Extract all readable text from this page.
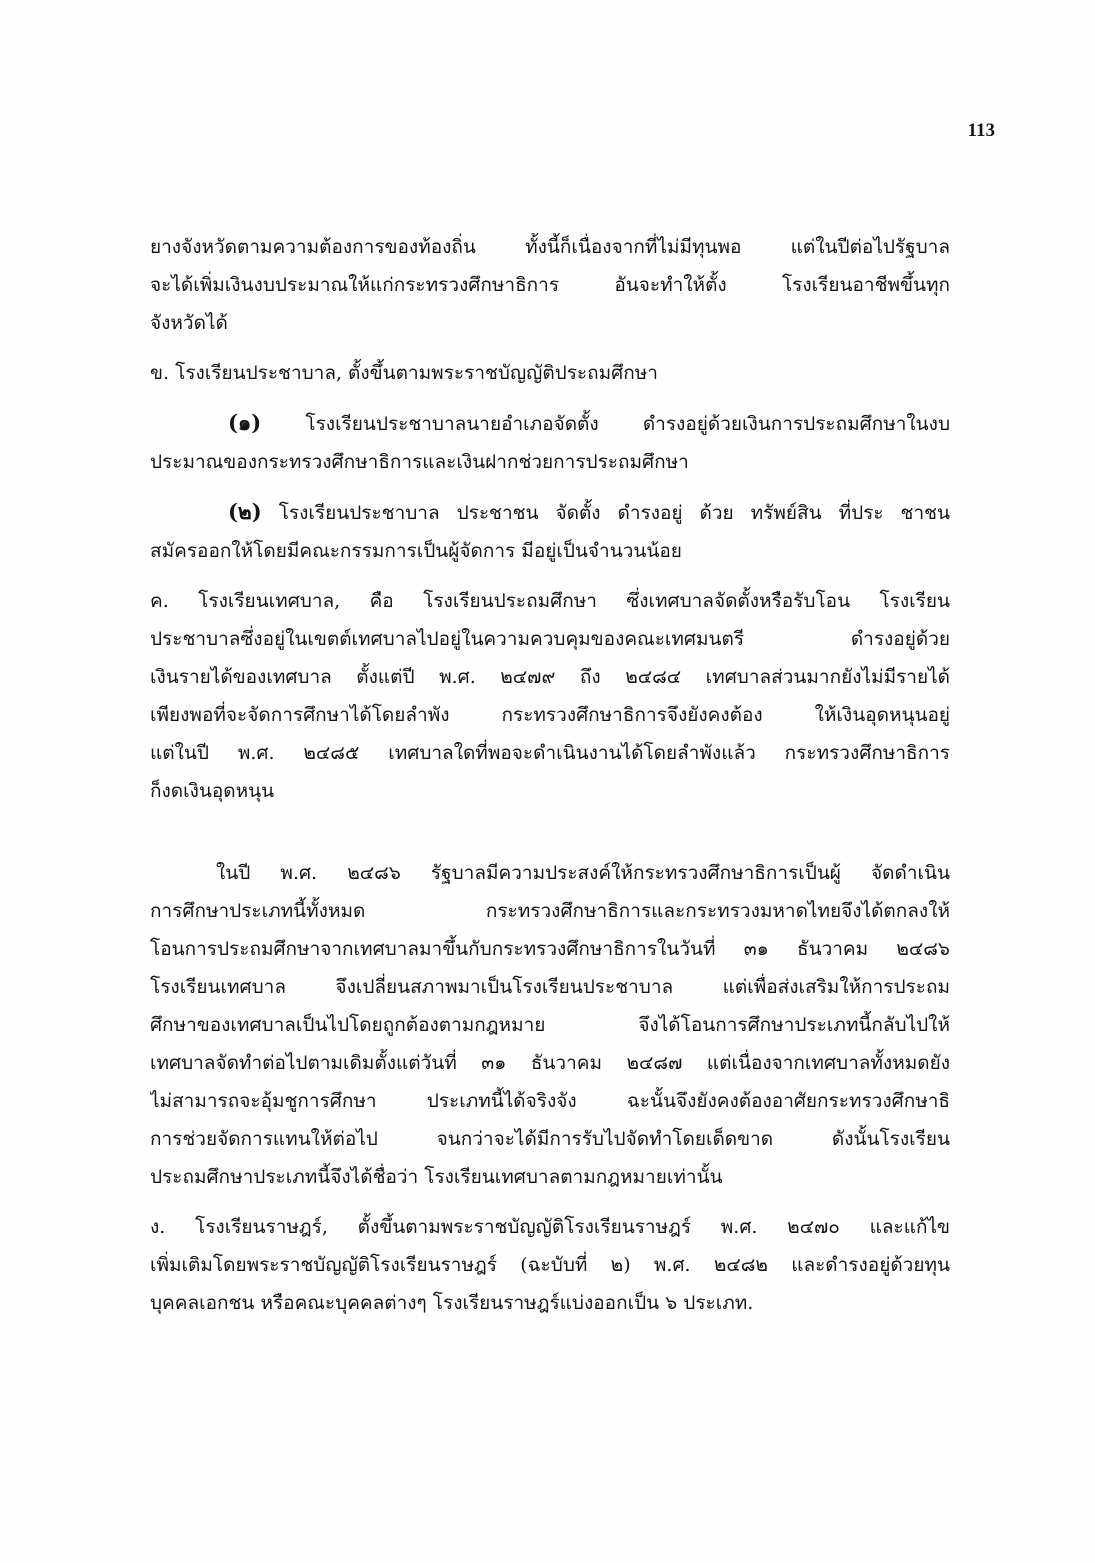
113
ยางจังหวัดตามความต้องการของท้องถิ่น ทั้งนี้ก็เนื่องจากที่ไม่มีทุนพอ แต่ในปีต่อไปรัฐบาล
จะได้เพิ่มเงินงบประมาณให้แก่กระทรวงศึกษาธิการ อันจะทำให้ตั้ง โรงเรียนอาชีพขึ้นทุก
จังหวัดได้
ข. โรงเรียนประชาบาล, ตั้งขึ้นตามพระราชบัญญัติประถมศึกษา
(๑) โรงเรียนประชาบาลนายอำเภอจัดตั้ง ดำรงอยู่ด้วยเงินการประถมศึกษาในงบ
ประมาณของกระทรวงศึกษาธิการและเงินฝากช่วยการประถมศึกษา
(๒) โรงเรียนประชาบาล ประชาชน จัดตั้ง ดำรงอยู่ ด้วย ทรัพย์สิน ที่ประ ชาชน
สมัครออกให้โดยมีคณะกรรมการเป็นผู้จัดการ มีอยู่เป็นจำนวนน้อย
ค. โรงเรียนเทศบาล, คือ โรงเรียนประถมศึกษา ซึ่งเทศบาลจัดตั้งหรือรับโอน โรงเรียน
ประชาบาลซึ่งอยู่ในเขตต์เทศบาลไปอยู่ในความควบคุมของคณะเทศมนตรี ดำรงอยู่ด้วย
เงินรายได้ของเทศบาล ตั้งแต่ปี พ.ศ. ๒๔๗๙ ถึง ๒๔๘๔ เทศบาลส่วนมากยังไม่มีรายได้
เพียงพอที่จะจัดการศึกษาได้โดยลำพัง กระทรวงศึกษาธิการจึงยังคงต้อง ให้เงินอุดหนุนอยู่
แต่ในปี พ.ศ. ๒๔๘๕ เทศบาลใดที่พอจะดำเนินงานได้โดยลำพังแล้ว กระทรวงศึกษาธิการ
ก็งดเงินอุดหนุน
ในปี พ.ศ. ๒๔๘๖ รัฐบาลมีความประสงค์ให้กระทรวงศึกษาธิการเป็นผู้ จัดดำเนิน
การศึกษาประเภทนี้ทั้งหมด กระทรวงศึกษาธิการและกระทรวงมหาดไทยจึงได้ตกลงให้
โอนการประถมศึกษาจากเทศบาลมาขึ้นกับกระทรวงศึกษาธิการในวันที่ ๓๑ ธันวาคม ๒๔๘๖
โรงเรียนเทศบาล จึงเปลี่ยนสภาพมาเป็นโรงเรียนประชาบาล แต่เพื่อส่งเสริมให้การประถม
ศึกษาของเทศบาลเป็นไปโดยถูกต้องตามกฎหมาย จึงได้โอนการศึกษาประเภทนี้กลับไปให้
เทศบาลจัดทำต่อไปตามเดิมตั้งแต่วันที่ ๓๑ ธันวาคม ๒๔๘๗ แต่เนื่องจากเทศบาลทั้งหมดยัง
ไม่สามารถจะอุ้มชูการศึกษา ประเภทนี้ได้จริงจัง ฉะนั้นจึงยังคงต้องอาศัยกระทรวงศึกษาธิ
การช่วยจัดการแทนให้ต่อไป จนกว่าจะได้มีการรับไปจัดทำโดยเด็ดขาด ดังนั้นโรงเรียน
ประถมศึกษาประเภทนี้จึงได้ชื่อว่า โรงเรียนเทศบาลตามกฎหมายเท่านั้น
ง. โรงเรียนราษฎร์, ตั้งขึ้นตามพระราชบัญญัติโรงเรียนราษฎร์ พ.ศ. ๒๔๗๐ และแก้ไข
เพิ่มเติมโดยพระราชบัญญัติโรงเรียนราษฎร์ (ฉะบับที่ ๒) พ.ศ. ๒๔๘๒ และดำรงอยู่ด้วยทุน
บุคคลเอกชน หรือคณะบุคคลต่างๆ โรงเรียนราษฎร์แบ่งออกเป็น ๖ ประเภท.
